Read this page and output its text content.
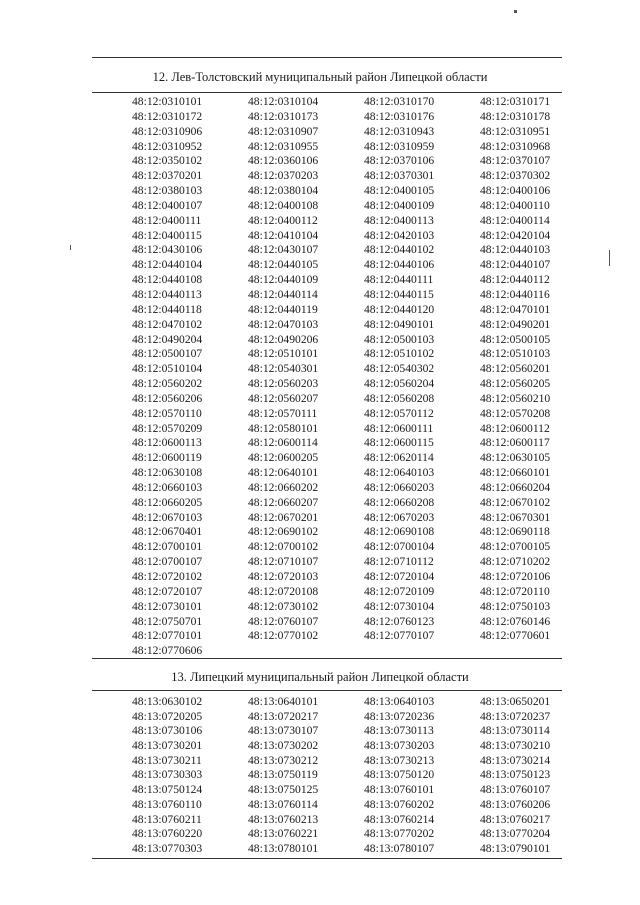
12. Лев-Толстовский муниципальный район Липецкой области
48:12:0310101	48:12:0310104	48:12:0310170	48:12:0310171
48:12:0310172	48:12:0310173	48:12:0310176	48:12:0310178
48:12:0310906	48:12:0310907	48:12:0310943	48:12:0310951
48:12:0310952	48:12:0310955	48:12:0310959	48:12:0310968
48:12:0350102	48:12:0360106	48:12:0370106	48:12:0370107
48:12:0370201	48:12:0370203	48:12:0370301	48:12:0370302
48:12:0380103	48:12:0380104	48:12:0400105	48:12:0400106
48:12:0400107	48:12:0400108	48:12:0400109	48:12:0400110
48:12:0400111	48:12:0400112	48:12:0400113	48:12:0400114
48:12:0400115	48:12:0410104	48:12:0420103	48:12:0420104
48:12:0430106	48:12:0430107	48:12:0440102	48:12:0440103
48:12:0440104	48:12:0440105	48:12:0440106	48:12:0440107
48:12:0440108	48:12:0440109	48:12:0440111	48:12:0440112
48:12:0440113	48:12:0440114	48:12:0440115	48:12:0440116
48:12:0440118	48:12:0440119	48:12:0440120	48:12:0470101
48:12:0470102	48:12:0470103	48:12:0490101	48:12:0490201
48:12:0490204	48:12:0490206	48:12:0500103	48:12:0500105
48:12:0500107	48:12:0510101	48:12:0510102	48:12:0510103
48:12:0510104	48:12:0540301	48:12:0540302	48:12:0560201
48:12:0560202	48:12:0560203	48:12:0560204	48:12:0560205
48:12:0560206	48:12:0560207	48:12:0560208	48:12:0560210
48:12:0570110	48:12:0570111	48:12:0570112	48:12:0570208
48:12:0570209	48:12:0580101	48:12:0600111	48:12:0600112
48:12:0600113	48:12:0600114	48:12:0600115	48:12:0600117
48:12:0600119	48:12:0600205	48:12:0620114	48:12:0630105
48:12:0630108	48:12:0640101	48:12:0640103	48:12:0660101
48:12:0660103	48:12:0660202	48:12:0660203	48:12:0660204
48:12:0660205	48:12:0660207	48:12:0660208	48:12:0670102
48:12:0670103	48:12:0670201	48:12:0670203	48:12:0670301
48:12:0670401	48:12:0690102	48:12:0690108	48:12:0690118
48:12:0700101	48:12:0700102	48:12:0700104	48:12:0700105
48:12:0700107	48:12:0710107	48:12:0710112	48:12:0710202
48:12:0720102	48:12:0720103	48:12:0720104	48:12:0720106
48:12:0720107	48:12:0720108	48:12:0720109	48:12:0720110
48:12:0730101	48:12:0730102	48:12:0730104	48:12:0750103
48:12:0750701	48:12:0760107	48:12:0760123	48:12:0760146
48:12:0770101	48:12:0770102	48:12:0770107	48:12:0770601
48:12:0770606
13. Липецкий муниципальный район Липецкой области
48:13:0630102	48:13:0640101	48:13:0640103	48:13:0650201
48:13:0720205	48:13:0720217	48:13:0720236	48:13:0720237
48:13:0730106	48:13:0730107	48:13:0730113	48:13:0730114
48:13:0730201	48:13:0730202	48:13:0730203	48:13:0730210
48:13:0730211	48:13:0730212	48:13:0730213	48:13:0730214
48:13:0730303	48:13:0750119	48:13:0750120	48:13:0750123
48:13:0750124	48:13:0750125	48:13:0760101	48:13:0760107
48:13:0760110	48:13:0760114	48:13:0760202	48:13:0760206
48:13:0760211	48:13:0760213	48:13:0760214	48:13:0760217
48:13:0760220	48:13:0760221	48:13:0770202	48:13:0770204
48:13:0770303	48:13:0780101	48:13:0780107	48:13:0790101
